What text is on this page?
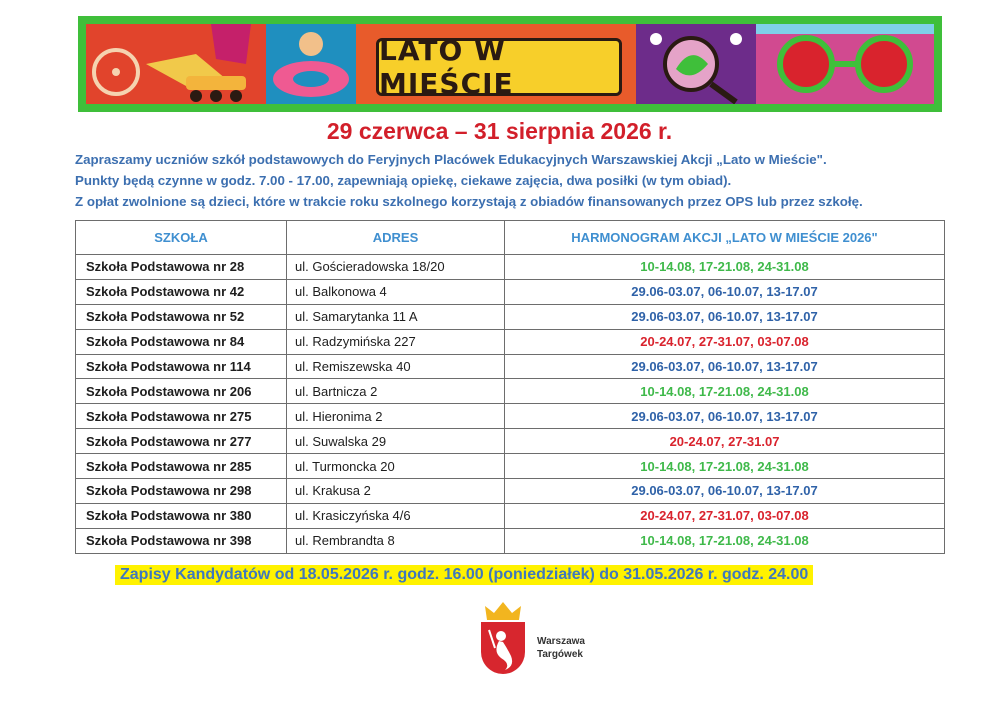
LATO W MIEŚCIE
29 czerwca – 31 sierpnia 2026 r.
Zapraszamy uczniów szkół podstawowych do Feryjnych Placówek Edukacyjnych Warszawskiej Akcji „Lato w Mieście".
Punkty będą czynne w godz. 7.00 - 17.00, zapewniają opiekę, ciekawe zajęcia, dwa posiłki (w tym obiad).
Z opłat zwolnione są dzieci, które w trakcie roku szkolnego korzystają z obiadów finansowanych przez OPS lub przez szkołę.
SZKOŁA	ADRES	HARMONOGRAM AKCJI „LATO W MIEŚCIE 2026"
Szkoła Podstawowa nr 28	ul. Gościeradowska 18/20	10-14.08, 17-21.08, 24-31.08
Szkoła Podstawowa nr 42	ul. Balkonowa 4	29.06-03.07, 06-10.07, 13-17.07
Szkoła Podstawowa nr 52	ul. Samarytanka 11 A	29.06-03.07, 06-10.07, 13-17.07
Szkoła Podstawowa nr 84	ul. Radzymińska 227	20-24.07, 27-31.07, 03-07.08
Szkoła Podstawowa nr 114	ul. Remiszewska 40	29.06-03.07, 06-10.07, 13-17.07
Szkoła Podstawowa nr 206	ul. Bartnicza 2	10-14.08, 17-21.08, 24-31.08
Szkoła Podstawowa nr 275	ul. Hieronima 2	29.06-03.07, 06-10.07, 13-17.07
Szkoła Podstawowa nr 277	ul. Suwalska 29	20-24.07, 27-31.07
Szkoła Podstawowa nr 285	ul. Turmoncka 20	10-14.08, 17-21.08, 24-31.08
Szkoła Podstawowa nr 298	ul. Krakusa 2	29.06-03.07, 06-10.07, 13-17.07
Szkoła Podstawowa nr 380	ul. Krasiczyńska 4/6	20-24.07, 27-31.07, 03-07.08
Szkoła Podstawowa nr 398	ul. Rembrandta 8	10-14.08, 17-21.08, 24-31.08
Zapisy Kandydatów od 18.05.2026 r. godz. 16.00 (poniedziałek) do 31.05.2026 r. godz. 24.00
Warszawa
Targówek
